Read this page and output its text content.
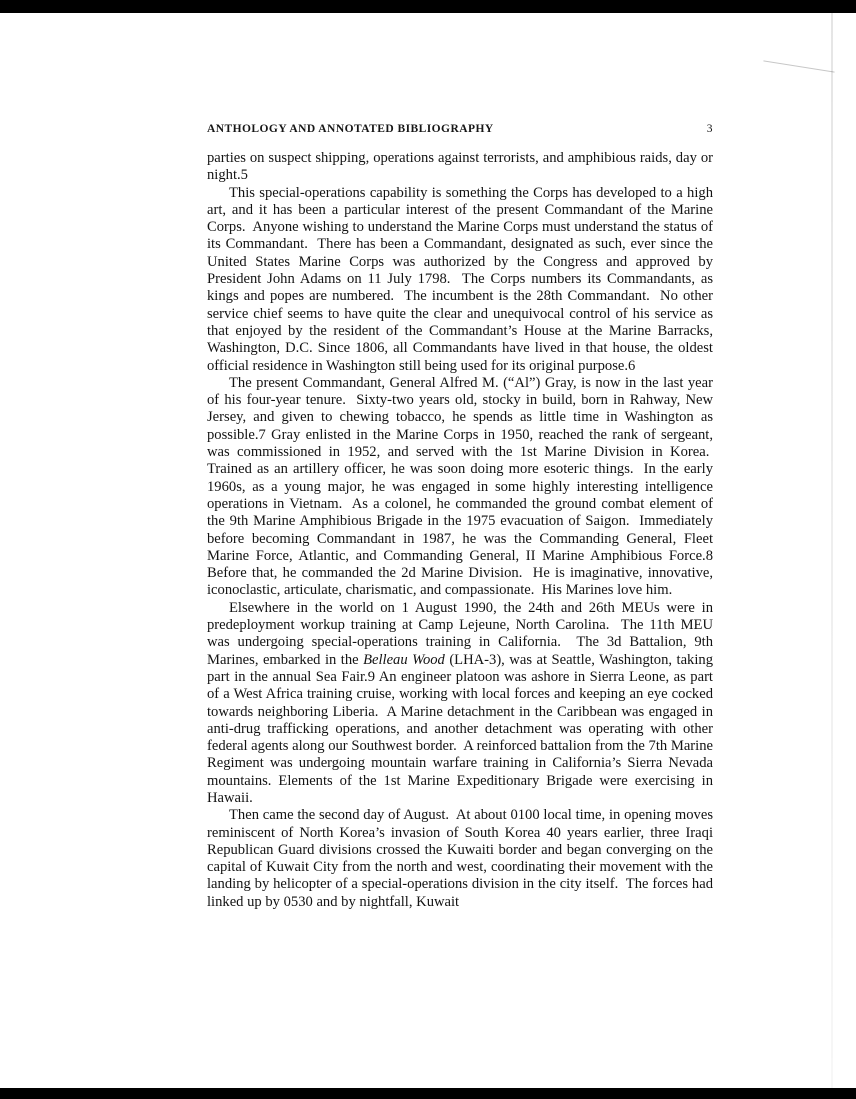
ANTHOLOGY AND ANNOTATED BIBLIOGRAPHY	3

parties on suspect shipping, operations against terrorists, and amphibious raids, day or night.5

This special-operations capability is something the Corps has developed to a high art, and it has been a particular interest of the present Commandant of the Marine Corps.  Anyone wishing to understand the Marine Corps must understand the status of its Commandant.  There has been a Commandant, designated as such, ever since the United States Marine Corps was authorized by the Congress and approved by President John Adams on 11 July 1798.  The Corps numbers its Commandants, as kings and popes are numbered.  The incumbent is the 28th Commandant.  No other service chief seems to have quite the clear and unequivocal control of his service as that enjoyed by the resident of the Commandant’s House at the Marine Barracks, Washington, D.C. Since 1806, all Commandants have lived in that house, the oldest official residence in Washington still being used for its original purpose.6

The present Commandant, General Alfred M. (“Al”) Gray, is now in the last year of his four-year tenure.  Sixty-two years old, stocky in build, born in Rahway, New Jersey, and given to chewing tobacco, he spends as little time in Washington as possible.7 Gray enlisted in the Marine Corps in 1950, reached the rank of sergeant, was commissioned in 1952, and served with the 1st Marine Division in Korea.  Trained as an artillery officer, he was soon doing more esoteric things.  In the early 1960s, as a young major, he was engaged in some highly interesting intelligence operations in Vietnam.  As a colonel, he commanded the ground combat element of the 9th Marine Amphibious Brigade in the 1975 evacuation of Saigon.  Immediately before becoming Commandant in 1987, he was the Commanding General, Fleet Marine Force, Atlantic, and Commanding General, II Marine Amphibious Force.8 Before that, he commanded the 2d Marine Division.  He is imaginative, innovative, iconoclastic, articulate, charismatic, and compassionate.  His Marines love him.

Elsewhere in the world on 1 August 1990, the 24th and 26th MEUs were in predeployment workup training at Camp Lejeune, North Carolina.  The 11th MEU was undergoing special-operations training in California.  The 3d Battalion, 9th Marines, embarked in the Belleau Wood (LHA-3), was at Seattle, Washington, taking part in the annual Sea Fair.9 An engineer platoon was ashore in Sierra Leone, as part of a West Africa training cruise, working with local forces and keeping an eye cocked towards neighboring Liberia.  A Marine detachment in the Caribbean was engaged in anti-drug trafficking operations, and another detachment was operating with other federal agents along our Southwest border.  A reinforced battalion from the 7th Marine Regiment was undergoing mountain warfare training in California’s Sierra Nevada mountains. Elements of the 1st Marine Expeditionary Brigade were exercising in Hawaii.

Then came the second day of August.  At about 0100 local time, in opening moves reminiscent of North Korea’s invasion of South Korea 40 years earlier, three Iraqi Republican Guard divisions crossed the Kuwaiti border and began converging on the capital of Kuwait City from the north and west, coordinating their movement with the landing by helicopter of a special-operations division in the city itself.  The forces had linked up by 0530 and by nightfall, Kuwait
